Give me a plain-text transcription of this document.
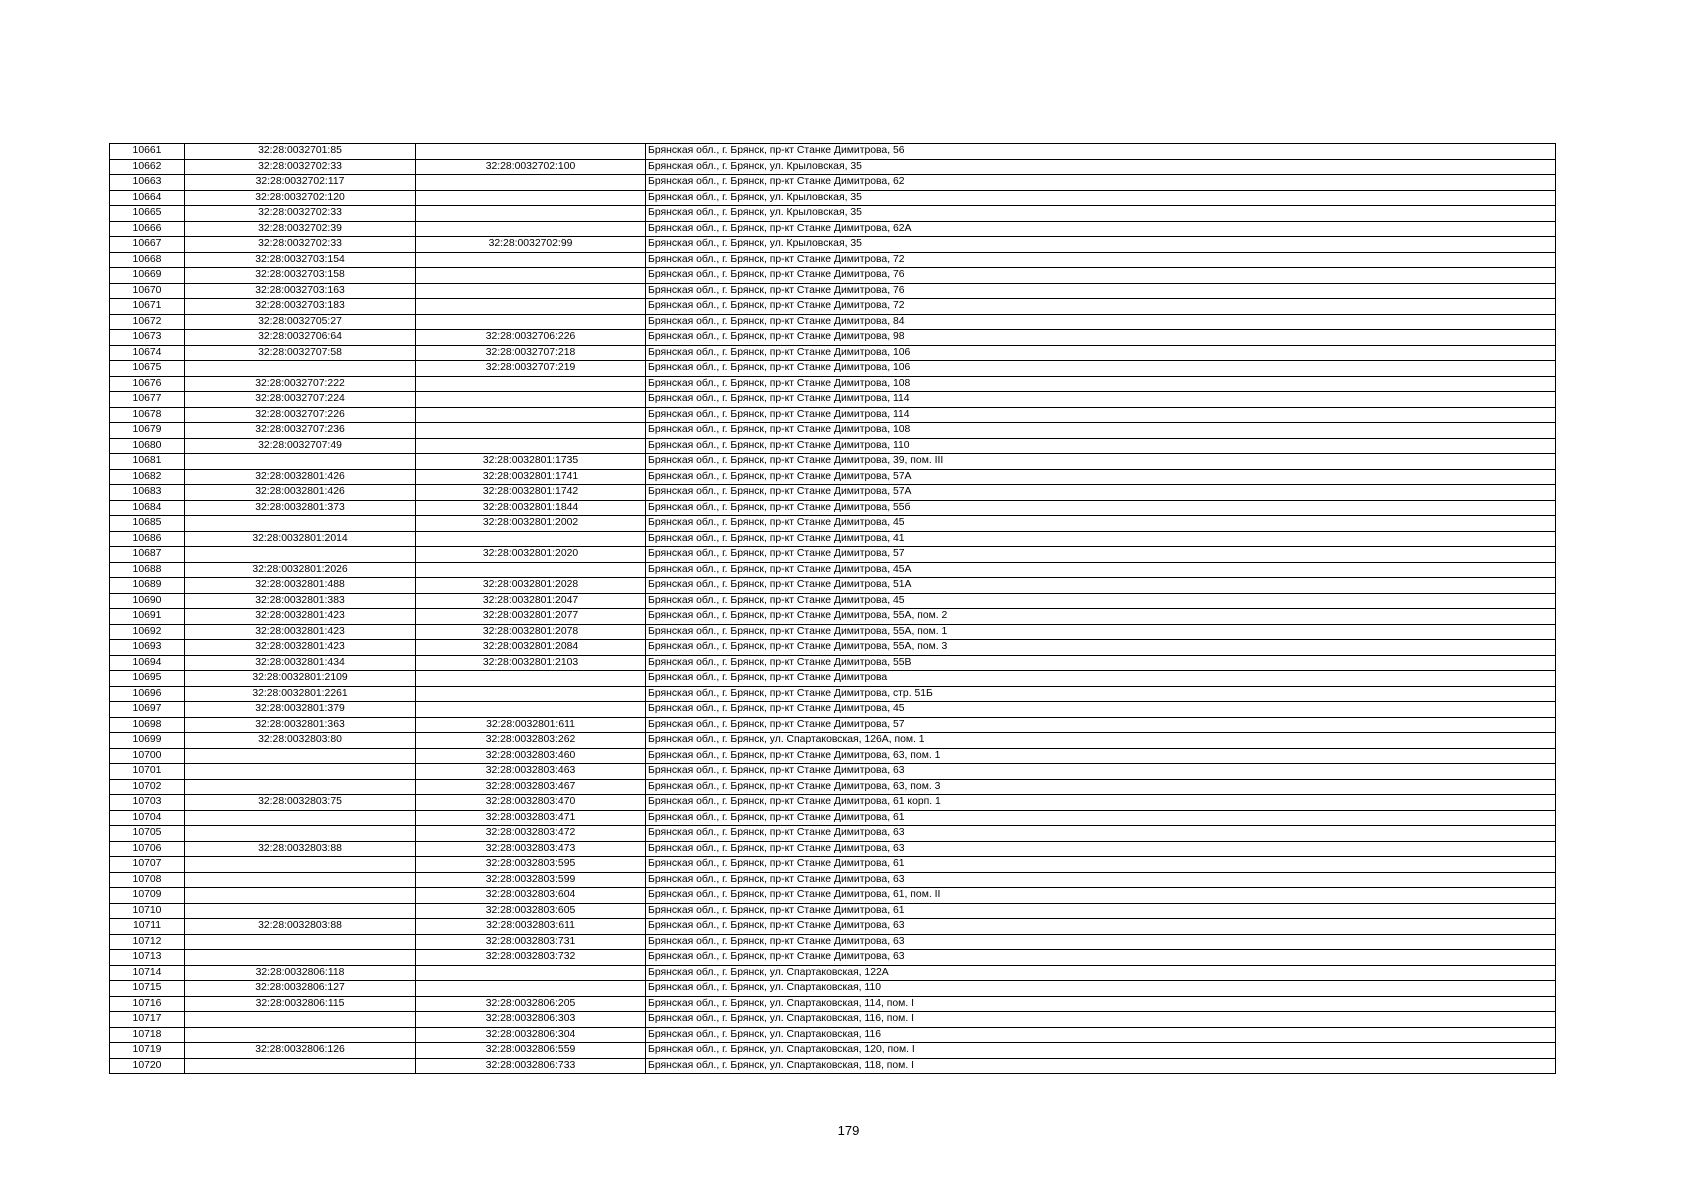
10661	32:28:0032701:85		Брянская обл., г. Брянск, пр-кт Станке Димитрова, 56
10662	32:28:0032702:33	32:28:0032702:100	Брянская обл., г. Брянск, ул. Крыловская, 35
10663	32:28:0032702:117		Брянская обл., г. Брянск, пр-кт Станке Димитрова, 62
10664	32:28:0032702:120		Брянская обл., г. Брянск, ул. Крыловская, 35
10665	32:28:0032702:33		Брянская обл., г. Брянск, ул. Крыловская, 35
10666	32:28:0032702:39		Брянская обл., г. Брянск, пр-кт Станке Димитрова, 62А
10667	32:28:0032702:33	32:28:0032702:99	Брянская обл., г. Брянск, ул. Крыловская, 35
10668	32:28:0032703:154		Брянская обл., г. Брянск, пр-кт Станке Димитрова, 72
10669	32:28:0032703:158		Брянская обл., г. Брянск, пр-кт Станке Димитрова, 76
10670	32:28:0032703:163		Брянская обл., г. Брянск, пр-кт Станке Димитрова, 76
10671	32:28:0032703:183		Брянская обл., г. Брянск, пр-кт Станке Димитрова, 72
10672	32:28:0032705:27		Брянская обл., г. Брянск, пр-кт Станке Димитрова, 84
10673	32:28:0032706:64	32:28:0032706:226	Брянская обл., г. Брянск, пр-кт Станке Димитрова, 98
10674	32:28:0032707:58	32:28:0032707:218	Брянская обл., г. Брянск, пр-кт Станке Димитрова, 106
10675		32:28:0032707:219	Брянская обл., г. Брянск, пр-кт Станке Димитрова, 106
10676	32:28:0032707:222		Брянская обл., г. Брянск, пр-кт Станке Димитрова, 108
10677	32:28:0032707:224		Брянская обл., г. Брянск, пр-кт Станке Димитрова, 114
10678	32:28:0032707:226		Брянская обл., г. Брянск, пр-кт Станке Димитрова, 114
10679	32:28:0032707:236		Брянская обл., г. Брянск, пр-кт Станке Димитрова, 108
10680	32:28:0032707:49		Брянская обл., г. Брянск, пр-кт Станке Димитрова, 110
10681		32:28:0032801:1735	Брянская обл., г. Брянск, пр-кт Станке Димитрова, 39, пом. III
10682	32:28:0032801:426	32:28:0032801:1741	Брянская обл., г. Брянск, пр-кт Станке Димитрова, 57А
10683	32:28:0032801:426	32:28:0032801:1742	Брянская обл., г. Брянск, пр-кт Станке Димитрова, 57А
10684	32:28:0032801:373	32:28:0032801:1844	Брянская обл., г. Брянск, пр-кт Станке Димитрова, 55б
10685		32:28:0032801:2002	Брянская обл., г. Брянск, пр-кт Станке Димитрова, 45
10686	32:28:0032801:2014		Брянская обл., г. Брянск, пр-кт Станке Димитрова, 41
10687		32:28:0032801:2020	Брянская обл., г. Брянск, пр-кт Станке Димитрова, 57
10688	32:28:0032801:2026		Брянская обл., г. Брянск, пр-кт Станке Димитрова, 45А
10689	32:28:0032801:488	32:28:0032801:2028	Брянская обл., г. Брянск, пр-кт Станке Димитрова, 51А
10690	32:28:0032801:383	32:28:0032801:2047	Брянская обл., г. Брянск, пр-кт Станке Димитрова, 45
10691	32:28:0032801:423	32:28:0032801:2077	Брянская обл., г. Брянск, пр-кт Станке Димитрова, 55А, пом. 2
10692	32:28:0032801:423	32:28:0032801:2078	Брянская обл., г. Брянск, пр-кт Станке Димитрова, 55А, пом. 1
10693	32:28:0032801:423	32:28:0032801:2084	Брянская обл., г. Брянск, пр-кт Станке Димитрова, 55А, пом. 3
10694	32:28:0032801:434	32:28:0032801:2103	Брянская обл., г. Брянск, пр-кт Станке Димитрова, 55В
10695	32:28:0032801:2109		Брянская обл., г. Брянск, пр-кт Станке Димитрова
10696	32:28:0032801:2261		Брянская обл., г. Брянск, пр-кт Станке Димитрова, стр. 51Б
10697	32:28:0032801:379		Брянская обл., г. Брянск, пр-кт Станке Димитрова, 45
10698	32:28:0032801:363	32:28:0032801:611	Брянская обл., г. Брянск, пр-кт Станке Димитрова, 57
10699	32:28:0032803:80	32:28:0032803:262	Брянская обл., г. Брянск, ул. Спартаковская, 126А, пом. 1
10700		32:28:0032803:460	Брянская обл., г. Брянск, пр-кт Станке Димитрова, 63, пом. 1
10701		32:28:0032803:463	Брянская обл., г. Брянск, пр-кт Станке Димитрова, 63
10702		32:28:0032803:467	Брянская обл., г. Брянск, пр-кт Станке Димитрова, 63, пом. 3
10703	32:28:0032803:75	32:28:0032803:470	Брянская обл., г. Брянск, пр-кт Станке Димитрова, 61 корп. 1
10704		32:28:0032803:471	Брянская обл., г. Брянск, пр-кт Станке Димитрова, 61
10705		32:28:0032803:472	Брянская обл., г. Брянск, пр-кт Станке Димитрова, 63
10706	32:28:0032803:88	32:28:0032803:473	Брянская обл., г. Брянск, пр-кт Станке Димитрова, 63
10707		32:28:0032803:595	Брянская обл., г. Брянск, пр-кт Станке Димитрова, 61
10708		32:28:0032803:599	Брянская обл., г. Брянск, пр-кт Станке Димитрова, 63
10709		32:28:0032803:604	Брянская обл., г. Брянск, пр-кт Станке Димитрова, 61, пом. II
10710		32:28:0032803:605	Брянская обл., г. Брянск, пр-кт Станке Димитрова, 61
10711	32:28:0032803:88	32:28:0032803:611	Брянская обл., г. Брянск, пр-кт Станке Димитрова, 63
10712		32:28:0032803:731	Брянская обл., г. Брянск, пр-кт Станке Димитрова, 63
10713		32:28:0032803:732	Брянская обл., г. Брянск, пр-кт Станке Димитрова, 63
10714	32:28:0032806:118		Брянская обл., г. Брянск, ул. Спартаковская, 122А
10715	32:28:0032806:127		Брянская обл., г. Брянск, ул. Спартаковская, 110
10716	32:28:0032806:115	32:28:0032806:205	Брянская обл., г. Брянск, ул. Спартаковская, 114, пом. I
10717		32:28:0032806:303	Брянская обл., г. Брянск, ул. Спартаковская, 116, пом. I
10718		32:28:0032806:304	Брянская обл., г. Брянск, ул. Спартаковская, 116
10719	32:28:0032806:126	32:28:0032806:559	Брянская обл., г. Брянск, ул. Спартаковская, 120, пом. I
10720		32:28:0032806:733	Брянская обл., г. Брянск, ул. Спартаковская, 118, пом. I
179
